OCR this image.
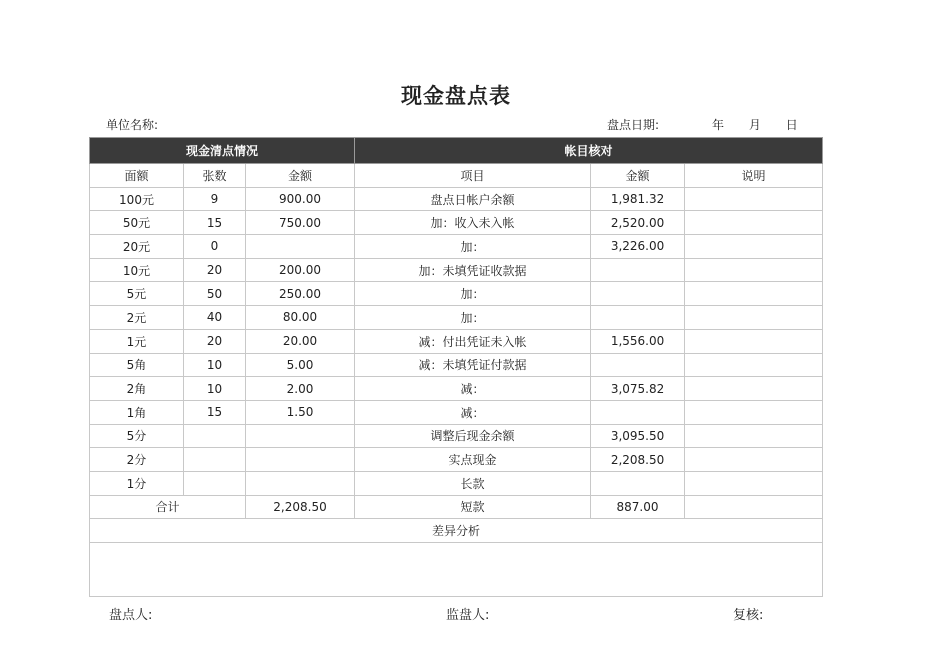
现金盘点表
单位名称:	盘点日期:	年 月 日
现金清点情况			帐目核对		
面额	张数	金额	项目	金额	说明
100元	9	900.00	盘点日帐户余额	1,981.32	
50元	15	750.00	加：收入未入帐	2,520.00	
20元	0		加：	3,226.00	
10元	20	200.00	加：未填凭证收款据		
5元	50	250.00	加：		
2元	40	80.00	加：		
1元	20	20.00	减：付出凭证未入帐	1,556.00	
5角	10	5.00	减：未填凭证付款据		
2角	10	2.00	减：	3,075.82	
1角	15	1.50	减：		
5分			调整后现金余额	3,095.50	
2分			实点现金	2,208.50	
1分			长款		
合计		2,208.50	短款	887.00	
差异分析					

盘点人:	监盘人:	复核:
